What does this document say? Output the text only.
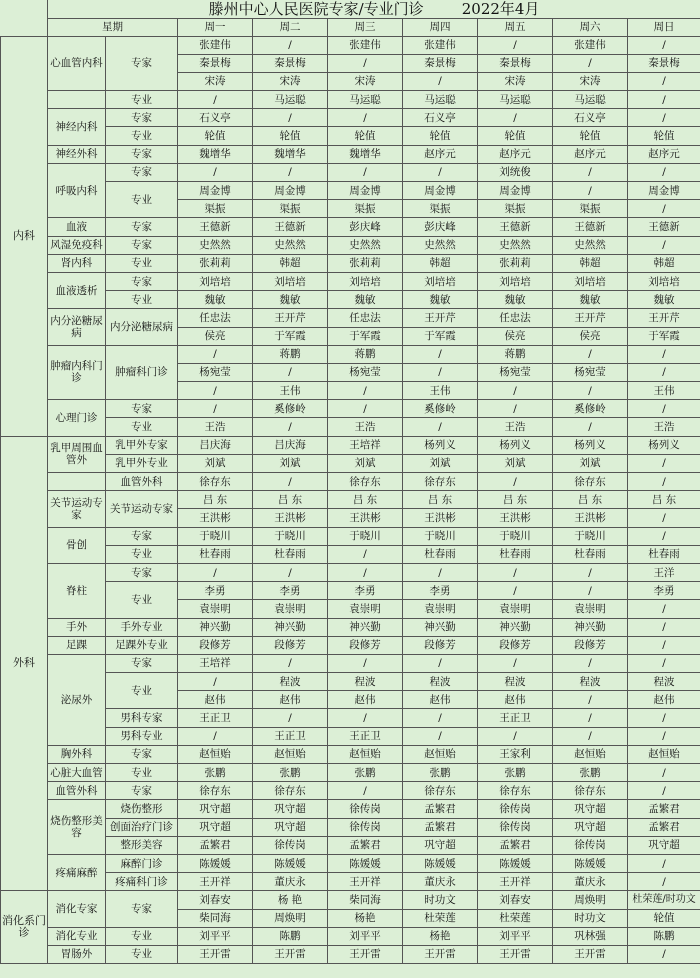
	滕州中心人民医院专家/专业门诊        2022年4月								
	星期		周一	周二	周三	周四	周五	周六	周日
内科	心血管内科	专家	张建伟	/	张建伟	张建伟	/	张建伟	/
			秦景梅	秦景梅	/	秦景梅	秦景梅	/	秦景梅
			宋涛	宋涛	宋涛	/	宋涛	宋涛	/
		专业	/	马运聪	马运聪	马运聪	马运聪	马运聪	/
	神经内科	专家	石义亭	/	/	石义亭	/	石义亭	/
		专业	轮值	轮值	轮值	轮值	轮值	轮值	轮值
	神经外科	专家	魏增华	魏增华	魏增华	赵序元	赵序元	赵序元	赵序元
	呼吸内科	专家	/	/	/	/	刘统俊	/	/
		专业	周金博	周金博	周金博	周金博	周金博	/	周金博
			渠振	渠振	渠振	渠振	渠振	渠振	/
	血液	专家	王德新	王德新	彭庆峰	彭庆峰	王德新	王德新	王德新
	风湿免疫科	专家	史然然	史然然	史然然	史然然	史然然	史然然	/
	肾内科	专业	张莉莉	韩超	张莉莉	韩超	张莉莉	韩超	韩超
	血液透析	专家	刘培培	刘培培	刘培培	刘培培	刘培培	刘培培	刘培培
		专业	魏敏	魏敏	魏敏	魏敏	魏敏	魏敏	魏敏
	内分泌糖尿病	内分泌糖尿病	任忠法	王开芹	任忠法	王开芹	任忠法	王开芹	王开芹
			侯亮	于军霞	于军霞	于军霞	侯亮	侯亮	于军霞
	肿瘤内科门诊	肿瘤科门诊	/	蒋鹏	蒋鹏	/	蒋鹏	/	/
			杨宛莹	/	杨宛莹	/	杨宛莹	杨宛莹	/
			/	王伟	/	王伟	/	/	王伟
	心理门诊	专家	/	奚修岭	/	奚修岭	/	奚修岭	/
		专业	王浩	/	王浩	/	王浩	/	王浩
外科	乳甲周围血管外	乳甲外专家	吕庆海	吕庆海	王培祥	杨列义	杨列义	杨列义	杨列义
		乳甲外专业	刘斌	刘斌	刘斌	刘斌	刘斌	刘斌	/
		血管外科	徐存东	/	徐存东	徐存东	/	徐存东	/
	关节运动专家	关节运动专家	吕 东	吕 东	吕 东	吕 东	吕 东	吕 东	吕 东
			王洪彬	王洪彬	王洪彬	王洪彬	王洪彬	王洪彬	/
	骨创	专家	于晓川	于晓川	于晓川	于晓川	于晓川	于晓川	/
		专业	杜春雨	杜春雨	/	杜春雨	杜春雨	杜春雨	杜春雨
	脊柱	专家	/	/	/	/	/	/	王洋
		专业	李勇	李勇	李勇	李勇	/	/	李勇
			袁崇明	袁崇明	袁崇明	袁崇明	袁崇明	袁崇明	/
	手外	手外专业	神兴勤	神兴勤	神兴勤	神兴勤	神兴勤	神兴勤	/
	足踝	足踝外专业	段修芳	段修芳	段修芳	段修芳	段修芳	段修芳	/
	泌尿外	专家	王培祥	/	/	/	/	/	/
		专业	/	程波	程波	程波	程波	程波	程波
			赵伟	赵伟	赵伟	赵伟	赵伟	/	赵伟
		男科专家	王正卫	/	/	/	王正卫	/	/
		男科专业	/	王正卫	王正卫	/	/	/	/
	胸外科	专家	赵恒贻	赵恒贻	赵恒贻	赵恒贻	王家利	赵恒贻	赵恒贻
	心脏大血管	专业	张鹏	张鹏	张鹏	张鹏	张鹏	张鹏	/
	血管外科	专家	徐存东	徐存东	/	徐存东	徐存东	徐存东	/
	烧伤整形美容	烧伤整形	巩守超	巩守超	徐传岗	孟繁君	徐传岗	巩守超	孟繁君
		创面治疗门诊	巩守超	巩守超	徐传岗	孟繁君	徐传岗	巩守超	孟繁君
		整形美容	孟繁君	徐传岗	孟繁君	巩守超	孟繁君	徐传岗	巩守超
	疼痛麻醉	麻醉门诊	陈媛媛	陈媛媛	陈媛媛	陈媛媛	陈媛媛	陈媛媛	/
		疼痛科门诊	王开祥	董庆永	王开祥	董庆永	王开祥	董庆永	/
消化系门诊	消化专家	专家	刘春安	杨 艳	柴同海	时功文	刘春安	周焕明	杜荣莲/时功文
			柴同海	周焕明	杨艳	杜荣莲	杜荣莲	时功文	轮值
	消化专业	专业	刘平平	陈鹏	刘平平	杨艳	刘平平	巩林强	陈鹏
	胃肠外	专业	王开雷	王开雷	王开雷	王开雷	王开雷	王开雷	/
